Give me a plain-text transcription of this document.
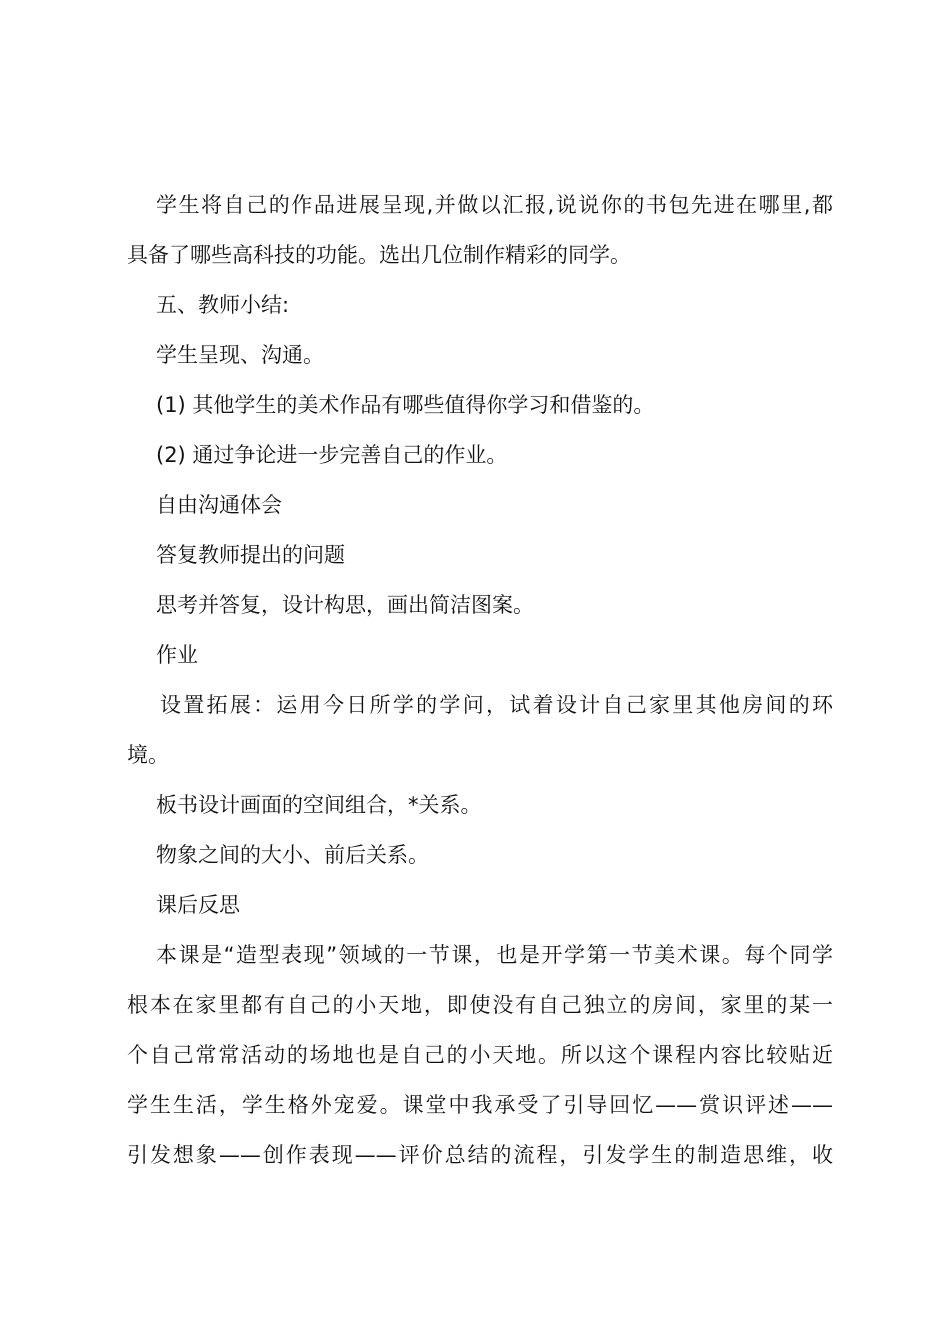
学生将自己的作品进展呈现,并做以汇报,说说你的书包先进在哪里,都

具备了哪些高科技的功能。选出几位制作精彩的同学。

五、教师小结:

学生呈现、沟通。

(1) 其他学生的美术作品有哪些值得你学习和借鉴的。

(2) 通过争论进一步完善自己的作业。

自由沟通体会

答复教师提出的问题

思考并答复，设计构思，画出简洁图案。

作业

设置拓展：运用今日所学的学问，试着设计自己家里其他房间的环

境。

板书设计画面的空间组合，*关系。

物象之间的大小、前后关系。

课后反思

本课是“造型表现”领域的一节课，也是开学第一节美术课。每个同学

根本在家里都有自己的小天地，即使没有自己独立的房间，家里的某一

个自己常常活动的场地也是自己的小天地。所以这个课程内容比较贴近

学生生活，学生格外宠爱。课堂中我承受了引导回忆——赏识评述——

引发想象——创作表现——评价总结的流程，引发学生的制造思维，收
